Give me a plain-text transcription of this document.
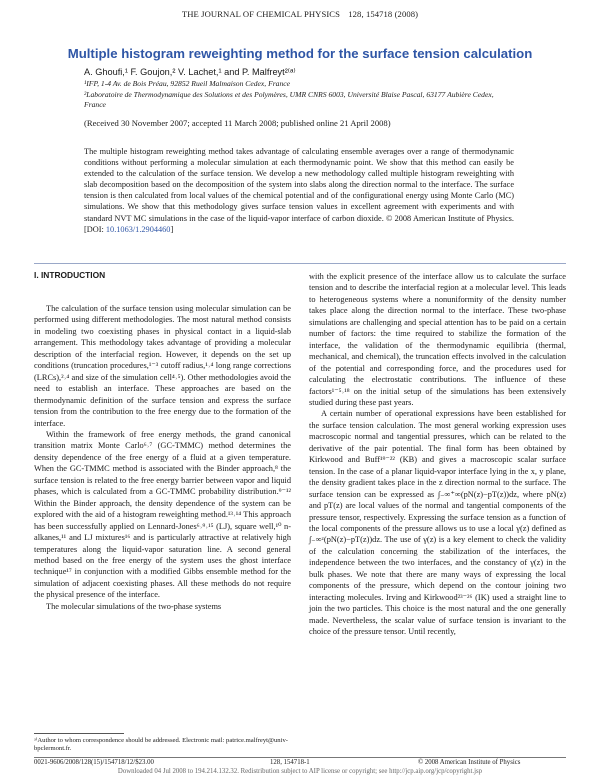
THE JOURNAL OF CHEMICAL PHYSICS 128, 154718 (2008)
Multiple histogram reweighting method for the surface tension calculation
A. Ghoufi,¹ F. Goujon,² V. Lachet,¹ and P. Malfreyt²⁽ᵃ⁾
¹IFP, 1-4 Av. de Bois Préau, 92852 Rueil Malmaison Cedex, France
²Laboratoire de Thermodynamique des Solutions et des Polymères, UMR CNRS 6003, Université Blaise Pascal, 63177 Aubière Cedex, France
(Received 30 November 2007; accepted 11 March 2008; published online 21 April 2008)
The multiple histogram reweighting method takes advantage of calculating ensemble averages over a range of thermodynamic conditions without performing a molecular simulation at each thermodynamic point. We show that this method can easily be extended to the calculation of the surface tension. We develop a new methodology called multiple histogram reweighting with slab decomposition based on the decomposition of the system into slabs along the direction normal to the interface. The surface tension is then calculated from local values of the chemical potential and of the configurational energy using Monte Carlo (MC) simulations. We show that this methodology gives surface tension values in excellent agreement with experiments and with standard NVT MC simulations in the case of the liquid-vapor interface of carbon dioxide. © 2008 American Institute of Physics. [DOI: 10.1063/1.2904460]
I. INTRODUCTION

The calculation of the surface tension using molecular simulation can be performed using different methodologies. The most natural method consists in modeling two coexisting phases in physical contact in a liquid-slab arrangement. This methodology takes advantage of providing a molecular description of the interfacial region. However, it depends on the set up conditions (truncation procedures,¹⁻³ cutoff radius,¹˒⁴ long range corrections (LRCs),²˒⁴ and size of the simulation cell⁴˒⁵). Other methodologies avoid the need to establish an interface. These approaches are based on the thermodynamic definition of the surface tension and express the surface tension from the contribution to the free energy due to the formation of the interface.

Within the framework of free energy methods, the grand canonical transition matrix Monte Carlo⁶˒⁷ (GC-TMMC) method determines the density dependence of the free energy of a fluid at a given temperature. When the GC-TMMC method is associated with the Binder approach,⁸ the surface tension is related to the free energy barrier between vapor and liquid phases, which is calculated from a GC-TMMC probability distribution.⁹⁻¹² Within the Binder approach, the density dependence of the system can be explored with the aid of a histogram reweighting method.¹³˒¹⁴ This approach has been successfully applied on Lennard-Jones⁶˒⁹˒¹⁵ (LJ), square well,¹⁰ n-alkanes,¹¹ and LJ mixtures¹⁶ and is particularly attractive at relatively high temperatures along the liquid-vapor saturation line. A second general method based on the free energy of the system uses the ghost interface technique¹⁷ in conjunction with a modified Gibbs ensemble method for the simulation of adjacent coexisting phases. All these methods do not require the physical presence of the interface.

The molecular simulations of the two-phase systems

with the explicit presence of the interface allow us to calculate the surface tension and to describe the interfacial region at a molecular level. This leads to heterogeneous systems where a nonuniformity of the density number takes place along the direction normal to the interface. These two-phase simulations are challenging and special attention has to be paid on a certain number of factors: the time required to stabilize the formation of the interface, the validation of the thermodynamic equilibria (thermal, mechanical, and chemical), the truncation effects involved in the calculation of the potential and corresponding force, and the procedures used for calculating the electrostatic contributions. The influence of these factors¹⁻⁵˒¹⁸ on the initial setup of the simulations has been extensively studied during these past years.

A certain number of operational expressions have been established for the surface tension calculation. The most general working expression uses macroscopic normal and tangential pressures, which can be related to the derivative of the pair potential. The final form has been obtained by Kirkwood and Buff¹⁹⁻²² (KB) and gives a macroscopic scalar surface tension. In the case of a planar liquid-vapor interface lying in the x, y plane, the density gradient takes place in the z direction normal to the surface. The surface tension can be expressed as ∫₋∞⁺∞(pN(z)−pT(z))dz, where pN(z) and pT(z) are local values of the normal and tangential components of the pressure tensor, respectively. Expressing the surface tension as a function of the local components of the pressure allows us to use a local γ(z) defined as ∫₋∞ᶻ(pN(z)−pT(z))dz. The use of γ(z) is a key element to check the validity of the calculation concerning the stabilization of the interfaces, the independence between the two interfaces, and the constancy of γ(z) in the bulk phases. We note that there are many ways of expressing the local components of the pressure, which depend on the contour joining two interacting molecules. Irving and Kirkwood²³⁻²⁶ (IK) used a straight line to join the two particles. This choice is the most natural and the one generally made. Nevertheless, the scalar value of surface tension is invariant to the choice of the pressure tensor. Until recently,

ᵃ⁾Author to whom correspondence should be addressed. Electronic mail: patrice.malfreyt@univ-bpclermont.fr.
0021-9606/2008/128(15)/154718/12/$23.00	128, 154718-1	© 2008 American Institute of Physics
Downloaded 04 Jul 2008 to 194.214.132.32. Redistribution subject to AIP license or copyright; see http://jcp.aip.org/jcp/copyright.jsp
